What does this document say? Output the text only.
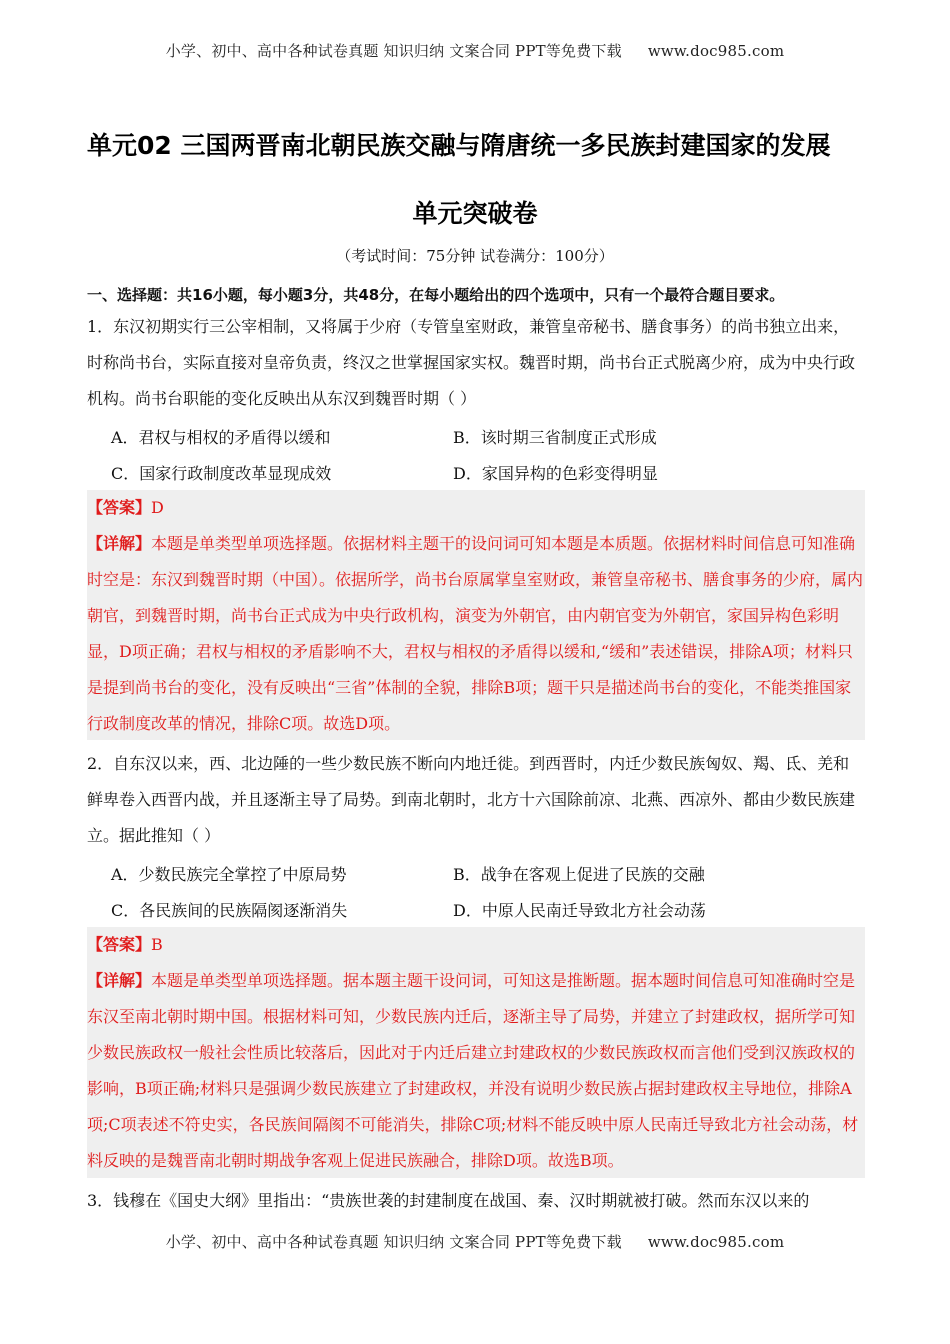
小学、初中、高中各种试卷真题 知识归纳 文案合同 PPT等免费下载 www.doc985.com
单元02 三国两晋南北朝民族交融与隋唐统一多民族封建国家的发展
单元突破卷
（考试时间：75分钟 试卷满分：100分）
一、选择题：共16小题，每小题3分，共48分，在每小题给出的四个选项中，只有一个最符合题目要求。
1．东汉初期实行三公宰相制，又将属于少府（专管皇室财政，兼管皇帝秘书、膳食事务）的尚书独立出来，时称尚书台，实际直接对皇帝负责，终汉之世掌握国家实权。魏晋时期，尚书台正式脱离少府，成为中央行政机构。尚书台职能的变化反映出从东汉到魏晋时期（ ）
A．君权与相权的矛盾得以缓和	B．该时期三省制度正式形成
C．国家行政制度改革显现成效	D．家国异构的色彩变得明显
【答案】D
【详解】本题是单类型单项选择题。依据材料主题干的设问词可知本题是本质题。依据材料时间信息可知准确时空是：东汉到魏晋时期（中国）。依据所学，尚书台原属掌皇室财政，兼管皇帝秘书、膳食事务的少府，属内朝官，到魏晋时期，尚书台正式成为中央行政机构，演变为外朝官，由内朝官变为外朝官，家国异构色彩明显，D项正确；君权与相权的矛盾影响不大，君权与相权的矛盾得以缓和,“缓和”表述错误，排除A项；材料只是提到尚书台的变化，没有反映出“三省”体制的全貌，排除B项；题干只是描述尚书台的变化，不能类推国家行政制度改革的情况，排除C项。故选D项。
2．自东汉以来，西、北边陲的一些少数民族不断向内地迁徙。到西晋时，内迁少数民族匈奴、羯、氐、羌和鲜卑卷入西晋内战，并且逐渐主导了局势。到南北朝时，北方十六国除前凉、北燕、西凉外、都由少数民族建立。据此推知（ ）
A．少数民族完全掌控了中原局势	B．战争在客观上促进了民族的交融
C．各民族间的民族隔阂逐渐消失	D．中原人民南迁导致北方社会动荡
【答案】B
【详解】本题是单类型单项选择题。据本题主题干设问词，可知这是推断题。据本题时间信息可知准确时空是东汉至南北朝时期中国。根据材料可知，少数民族内迁后，逐渐主导了局势，并建立了封建政权，据所学可知少数民族政权一般社会性质比较落后，因此对于内迁后建立封建政权的少数民族政权而言他们受到汉族政权的影响，B项正确;材料只是强调少数民族建立了封建政权，并没有说明少数民族占据封建政权主导地位，排除A项;C项表述不符史实，各民族间隔阂不可能消失，排除C项;材料不能反映中原人民南迁导致北方社会动荡，材料反映的是魏晋南北朝时期战争客观上促进民族融合，排除D项。故选B项。
3．钱穆在《国史大纲》里指出：“贵族世袭的封建制度在战国、秦、汉时期就被打破。然而东汉以来的
小学、初中、高中各种试卷真题 知识归纳 文案合同 PPT等免费下载 www.doc985.com
